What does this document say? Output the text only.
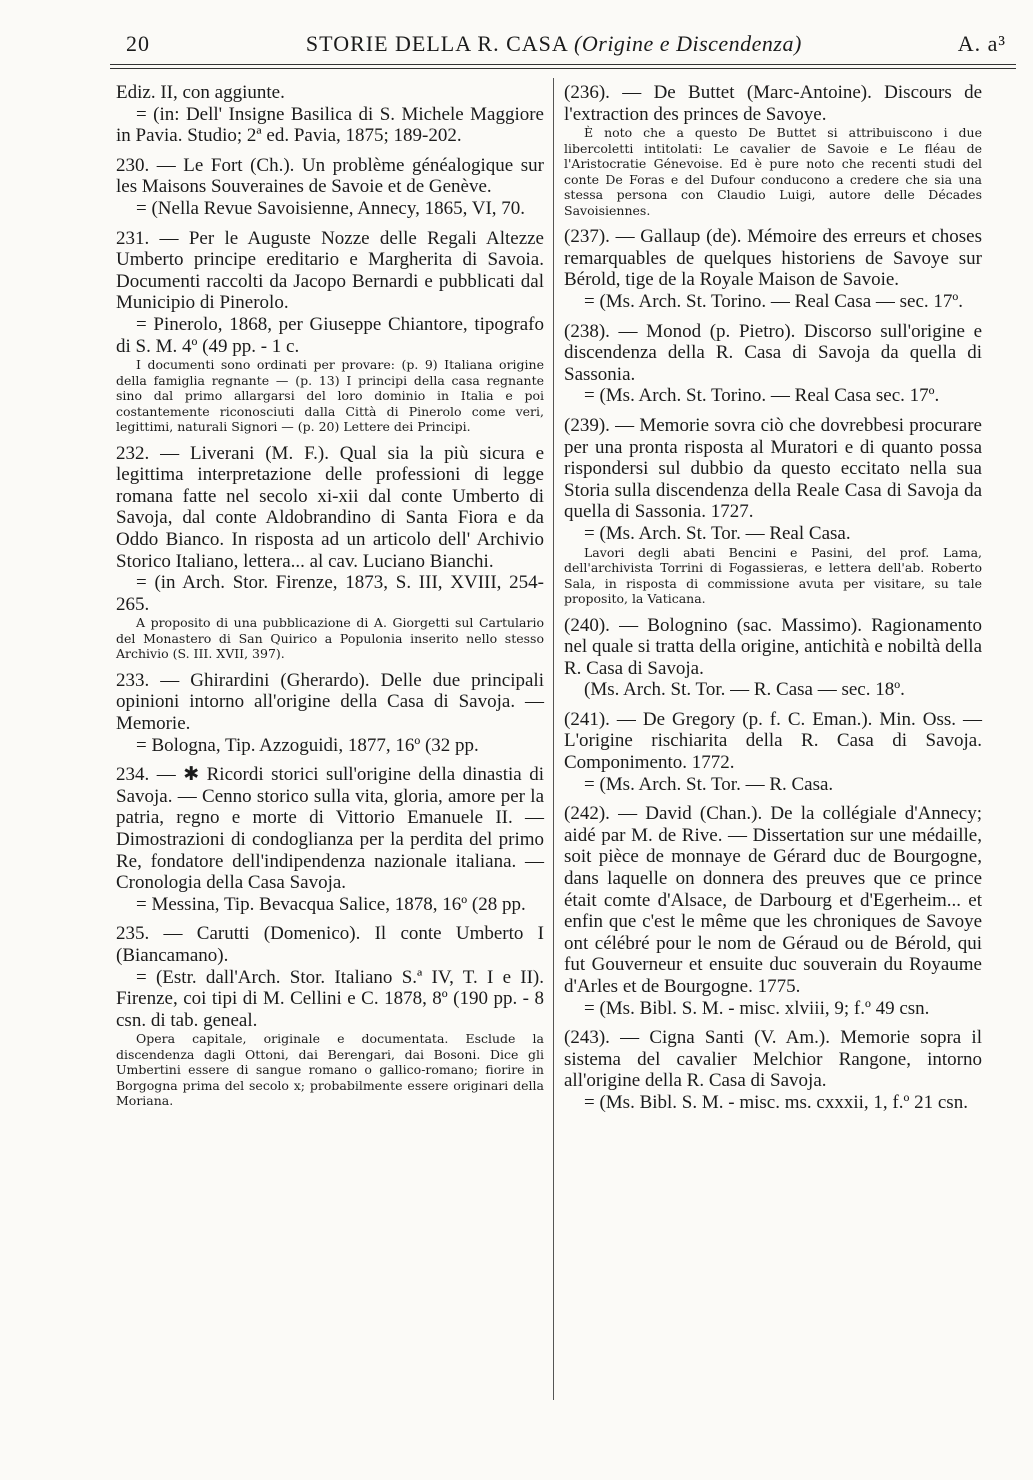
20	STORIE DELLA R. CASA (Origine e Discendenza)	A. a³

Ediz. II, con aggiunte.

= (in: Dell' Insigne Basilica di S. Michele Maggiore in Pavia. Studio; 2ª ed. Pavia, 1875; 189-202.

230. — Le Fort (Ch.). Un problème généalogique sur les Maisons Souveraines de Savoie et de Genève.

= (Nella Revue Savoisienne, Annecy, 1865, VI, 70.

231. — Per le Auguste Nozze delle Regali Altezze Umberto principe ereditario e Margherita di Savoia. Documenti raccolti da Jacopo Bernardi e pubblicati dal Municipio di Pinerolo.

= Pinerolo, 1868, per Giuseppe Chiantore, tipografo di S. M. 4º (49 pp. - 1 c.

I documenti sono ordinati per provare: (p. 9) Italiana origine della famiglia regnante — (p. 13) I principi della casa regnante sino dal primo allargarsi del loro dominio in Italia e poi costantemente riconosciuti dalla Città di Pinerolo come veri, legittimi, naturali Signori — (p. 20) Lettere dei Principi.

232. — Liverani (M. F.). Qual sia la più sicura e legittima interpretazione delle professioni di legge romana fatte nel secolo xi-xii dal conte Umberto di Savoja, dal conte Aldobrandino di Santa Fiora e da Oddo Bianco. In risposta ad un articolo dell' Archivio Storico Italiano, lettera... al cav. Luciano Bianchi.

= (in Arch. Stor. Firenze, 1873, S. III, XVIII, 254-265.

A proposito di una pubblicazione di A. Giorgetti sul Cartulario del Monastero di San Quirico a Populonia inserito nello stesso Archivio (S. III. XVII, 397).

233. — Ghirardini (Gherardo). Delle due principali opinioni intorno all'origine della Casa di Savoja. — Memorie.

= Bologna, Tip. Azzoguidi, 1877, 16º (32 pp.

234. — ✱ Ricordi storici sull'origine della dinastia di Savoja. — Cenno storico sulla vita, gloria, amore per la patria, regno e morte di Vittorio Emanuele II. — Dimostrazioni di condoglianza per la perdita del primo Re, fondatore dell'indipendenza nazionale italiana. — Cronologia della Casa Savoja.

= Messina, Tip. Bevacqua Salice, 1878, 16º (28 pp.

235. — Carutti (Domenico). Il conte Umberto I (Biancamano).

= (Estr. dall'Arch. Stor. Italiano S.ª IV, T. I e II). Firenze, coi tipi di M. Cellini e C. 1878, 8º (190 pp. - 8 csn. di tab. geneal.

Opera capitale, originale e documentata. Esclude la discendenza dagli Ottoni, dai Berengari, dai Bosoni. Dice gli Umbertini essere di sangue romano o gallico-romano; fiorire in Borgogna prima del secolo x; probabilmente essere originari della Moriana.

(236). — De Buttet (Marc-Antoine). Discours de l'extraction des princes de Savoye.

È noto che a questo De Buttet si attribuiscono i due libercoletti intitolati: Le cavalier de Savoie e Le fléau de l'Aristocratie Génevoise. Ed è pure noto che recenti studi del conte De Foras e del Dufour conducono a credere che sia una stessa persona con Claudio Luigi, autore delle Décades Savoisiennes.

(237). — Gallaup (de). Mémoire des erreurs et choses remarquables de quelques historiens de Savoye sur Bérold, tige de la Royale Maison de Savoie.

= (Ms. Arch. St. Torino. — Real Casa — sec. 17º.

(238). — Monod (p. Pietro). Discorso sull'origine e discendenza della R. Casa di Savoja da quella di Sassonia.

= (Ms. Arch. St. Torino. — Real Casa sec. 17º.

(239). — Memorie sovra ciò che dovrebbesi procurare per una pronta risposta al Muratori e di quanto possa rispondersi sul dubbio da questo eccitato nella sua Storia sulla discendenza della Reale Casa di Savoja da quella di Sassonia. 1727.

= (Ms. Arch. St. Tor. — Real Casa.

Lavori degli abati Bencini e Pasini, del prof. Lama, dell'archivista Torrini di Fogassieras, e lettera dell'ab. Roberto Sala, in risposta di commissione avuta per visitare, su tale proposito, la Vaticana.

(240). — Bolognino (sac. Massimo). Ragionamento nel quale si tratta della origine, antichità e nobiltà della R. Casa di Savoja.

(Ms. Arch. St. Tor. — R. Casa — sec. 18º.

(241). — De Gregory (p. f. C. Eman.). Min. Oss. — L'origine rischiarita della R. Casa di Savoja. Componimento. 1772.

= (Ms. Arch. St. Tor. — R. Casa.

(242). — David (Chan.). De la collégiale d'Annecy; aidé par M. de Rive. — Dissertation sur une médaille, soit pièce de monnaye de Gérard duc de Bourgogne, dans laquelle on donnera des preuves que ce prince était comte d'Alsace, de Darbourg et d'Egerheim... et enfin que c'est le même que les chroniques de Savoye ont célébré pour le nom de Géraud ou de Bérold, qui fut Gouverneur et ensuite duc souverain du Royaume d'Arles et de Bourgogne. 1775.

= (Ms. Bibl. S. M. - misc. xlviii, 9; f.º 49 csn.

(243). — Cigna Santi (V. Am.). Memorie sopra il sistema del cavalier Melchior Rangone, intorno all'origine della R. Casa di Savoja.

= (Ms. Bibl. S. M. - misc. ms. cxxxii, 1, f.º 21 csn.
